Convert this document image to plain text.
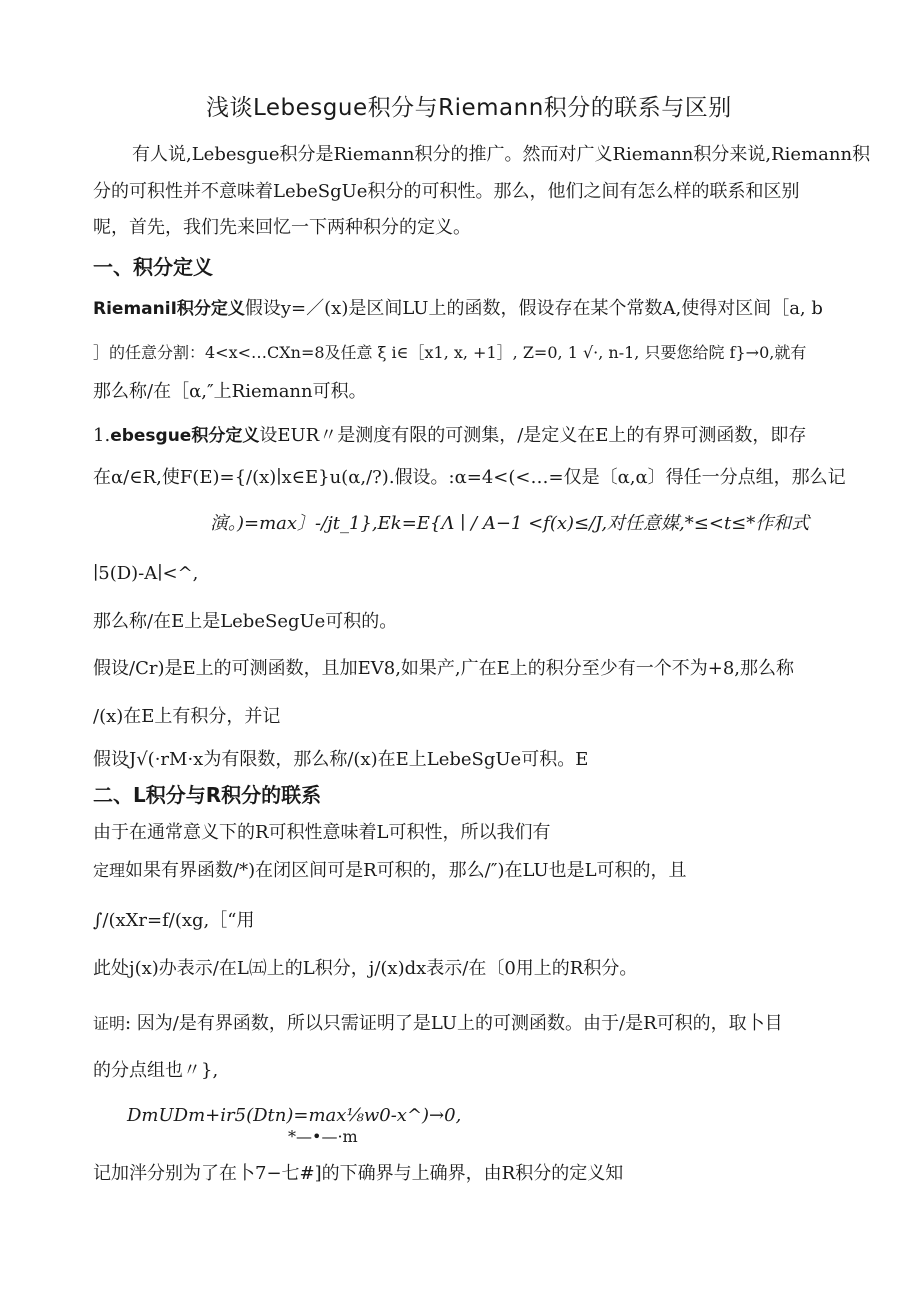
浅谈Lebesgue积分与Riemann积分的联系与区别
有人说,Lebesgue积分是Riemann积分的推广。然而对广义Riemann积分来说,Riemann积
分的可积性并不意味着LebeSgUe积分的可积性。那么，他们之间有怎么样的联系和区别
呢，首先，我们先来回忆一下两种积分的定义。
一、积分定义
RiemaniI积分定义假设y=／(x)是区间LU上的函数，假设存在某个常数A,使得对区间［a, b
］的任意分割：4<x<…CXn=8及任意 ξ i∈［x1, x, +1］, Z=0, 1 √·, n-1, 只要您给院 f}→0,就有
那么称/在［α,″上Riemann可积。
1.ebesgue积分定义设EUR〃是测度有限的可测集，/是定义在E上的有界可测函数，即存
在α/∈R,使F(E)={/(x)∣x∈E}u(α,/?).假设。:α=4<(<…=仅是〔α,α〕得任一分点组，那么记
演。)=max〕-/jt_1},Ek=E{Λ ∣ / A−1 <f(x)≤/J,对任意媒,*≤<t≤*作和式
∣5(D)-A∣<^,
那么称/在E上是LebeSegUe可积的。
假设/Cr)是E上的可测函数，且加EV8,如果产,广在E上的积分至少有一个不为+8,那么称
/(x)在E上有积分，并记
假设J√(·rM·x为有限数，那么称/(x)在E上LebeSgUe可积。E
二、L积分与R积分的联系
由于在通常意义下的R可积性意味着L可积性，所以我们有
定理如果有界函数/*)在闭区间可是R可积的，那么/″)在LU也是L可积的，且
∫/(xXr=f/(xg,［“用
此处j(x)办表示/在L㈤上的L积分，j/(x)dx表示/在〔0用上的R积分。
证明: 因为/是有界函数，所以只需证明了是LU上的可测函数。由于/是R可积的，取卜目
的分点组也〃},
DmUDm+ir5(Dtn)=max⅛w0-x^)→0,
*—•—·m
记加泮分别为了在卜7−七#]的下确界与上确界，由R积分的定义知
